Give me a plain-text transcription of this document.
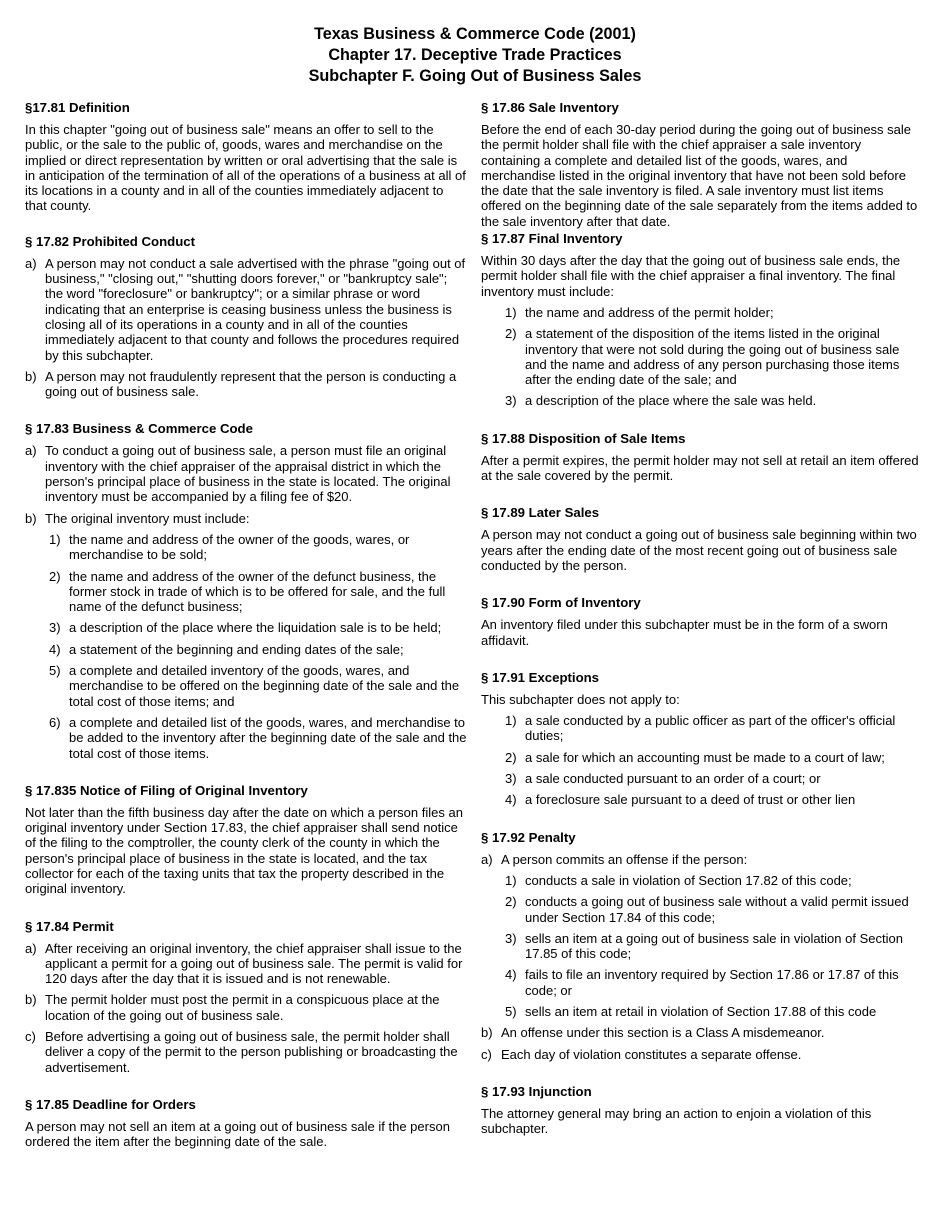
Texas Business & Commerce Code (2001)
Chapter 17. Deceptive Trade Practices
Subchapter F. Going Out of Business Sales
§17.81 Definition
In this chapter "going out of business sale" means an offer to sell to the public, or the sale to the public of, goods, wares and merchandise on the implied or direct representation by written or oral advertising that the sale is in anticipation of the termination of all of the operations of a business at all of its locations in a county and in all of the counties immediately adjacent to that county.
§ 17.82 Prohibited Conduct
a) A person may not conduct a sale advertised with the phrase "going out of business," "closing out," "shutting doors forever," or "bankruptcy sale"; the word "foreclosure" or bankruptcy"; or a similar phrase or word indicating that an enterprise is ceasing business unless the business is closing all of its operations in a county and in all of the counties immediately adjacent to that county and follows the procedures required by this subchapter.
b) A person may not fraudulently represent that the person is conducting a going out of business sale.
§ 17.83 Business & Commerce Code
a) To conduct a going out of business sale, a person must file an original inventory with the chief appraiser of the appraisal district in which the person's principal place of business in the state is located. The original inventory must be accompanied by a filing fee of $20.
b) The original inventory must include:
1) the name and address of the owner of the goods, wares, or merchandise to be sold;
2) the name and address of the owner of the defunct business, the former stock in trade of which is to be offered for sale, and the full name of the defunct business;
3) a description of the place where the liquidation sale is to be held;
4) a statement of the beginning and ending dates of the sale;
5) a complete and detailed inventory of the goods, wares, and merchandise to be offered on the beginning date of the sale and the total cost of those items; and
6) a complete and detailed list of the goods, wares, and merchandise to be added to the inventory after the beginning date of the sale and the total cost of those items.
§ 17.835 Notice of Filing of Original Inventory
Not later than the fifth business day after the date on which a person files an original inventory under Section 17.83, the chief appraiser shall send notice of the filing to the comptroller, the county clerk of the county in which the person's principal place of business in the state is located, and the tax collector for each of the taxing units that tax the property described in the original inventory.
§ 17.84 Permit
a) After receiving an original inventory, the chief appraiser shall issue to the applicant a permit for a going out of business sale. The permit is valid for 120 days after the day that it is issued and is not renewable.
b) The permit holder must post the permit in a conspicuous place at the location of the going out of business sale.
c) Before advertising a going out of business sale, the permit holder shall deliver a copy of the permit to the person publishing or broadcasting the advertisement.
§ 17.85 Deadline for Orders
A person may not sell an item at a going out of business sale if the person ordered the item after the beginning date of the sale.
§ 17.86 Sale Inventory
Before the end of each 30-day period during the going out of business sale the permit holder shall file with the chief appraiser a sale inventory containing a complete and detailed list of the goods, wares, and merchandise listed in the original inventory that have not been sold before the date that the sale inventory is filed. A sale inventory must list items offered on the beginning date of the sale separately from the items added to the sale inventory after that date.
§ 17.87 Final Inventory
Within 30 days after the day that the going out of business sale ends, the permit holder shall file with the chief appraiser a final inventory. The final inventory must include:
1) the name and address of the permit holder;
2) a statement of the disposition of the items listed in the original inventory that were not sold during the going out of business sale and the name and address of any person purchasing those items after the ending date of the sale; and
3) a description of the place where the sale was held.
§ 17.88 Disposition of Sale Items
After a permit expires, the permit holder may not sell at retail an item offered at the sale covered by the permit.
§ 17.89 Later Sales
A person may not conduct a going out of business sale beginning within two years after the ending date of the most recent going out of business sale conducted by the person.
§ 17.90 Form of Inventory
An inventory filed under this subchapter must be in the form of a sworn affidavit.
§ 17.91 Exceptions
This subchapter does not apply to:
1) a sale conducted by a public officer as part of the officer's official duties;
2) a sale for which an accounting must be made to a court of law;
3) a sale conducted pursuant to an order of a court; or
4) a foreclosure sale pursuant to a deed of trust or other lien
§ 17.92 Penalty
a) A person commits an offense if the person:
1) conducts a sale in violation of Section 17.82 of this code;
2) conducts a going out of business sale without a valid permit issued under Section 17.84 of this code;
3) sells an item at a going out of business sale in violation of Section 17.85 of this code;
4) fails to file an inventory required by Section 17.86 or 17.87 of this code; or
5) sells an item at retail in violation of Section 17.88 of this code
b) An offense under this section is a Class A misdemeanor.
c) Each day of violation constitutes a separate offense.
§ 17.93 Injunction
The attorney general may bring an action to enjoin a violation of this subchapter.
